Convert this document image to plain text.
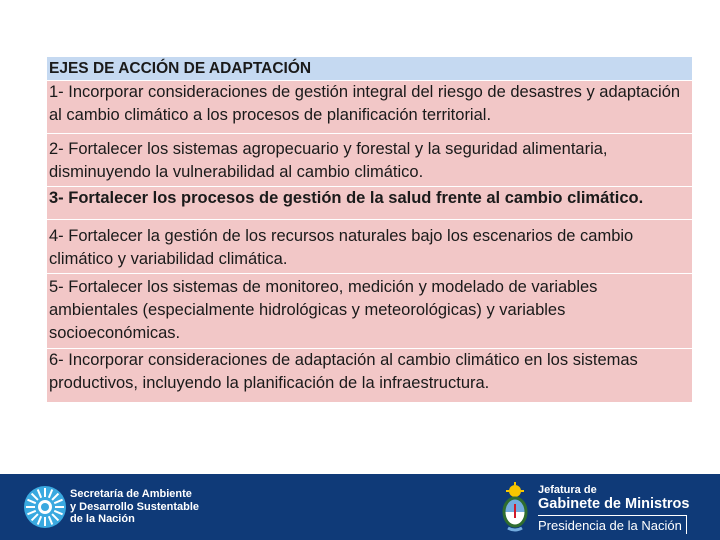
EJES DE ACCIÓN DE ADAPTACIÓN
1- Incorporar consideraciones de gestión integral del riesgo de desastres y adaptación al cambio climático a los procesos de planificación territorial.
2- Fortalecer los sistemas agropecuario y forestal y la seguridad alimentaria, disminuyendo la vulnerabilidad al cambio climático.
3- Fortalecer los procesos de gestión de la salud frente al cambio climático.
4- Fortalecer la gestión de los recursos naturales bajo los escenarios de cambio climático y variabilidad climática.
5- Fortalecer los sistemas de monitoreo, medición y modelado de variables ambientales (especialmente hidrológicas y meteorológicas) y variables socioeconómicas.
6- Incorporar consideraciones de adaptación al cambio climático en los sistemas productivos, incluyendo la planificación de la infraestructura.
Secretaría de Ambiente
y Desarrollo Sustentable
de la Nación
Jefatura de
Gabinete de Ministros
Presidencia de la Nación
